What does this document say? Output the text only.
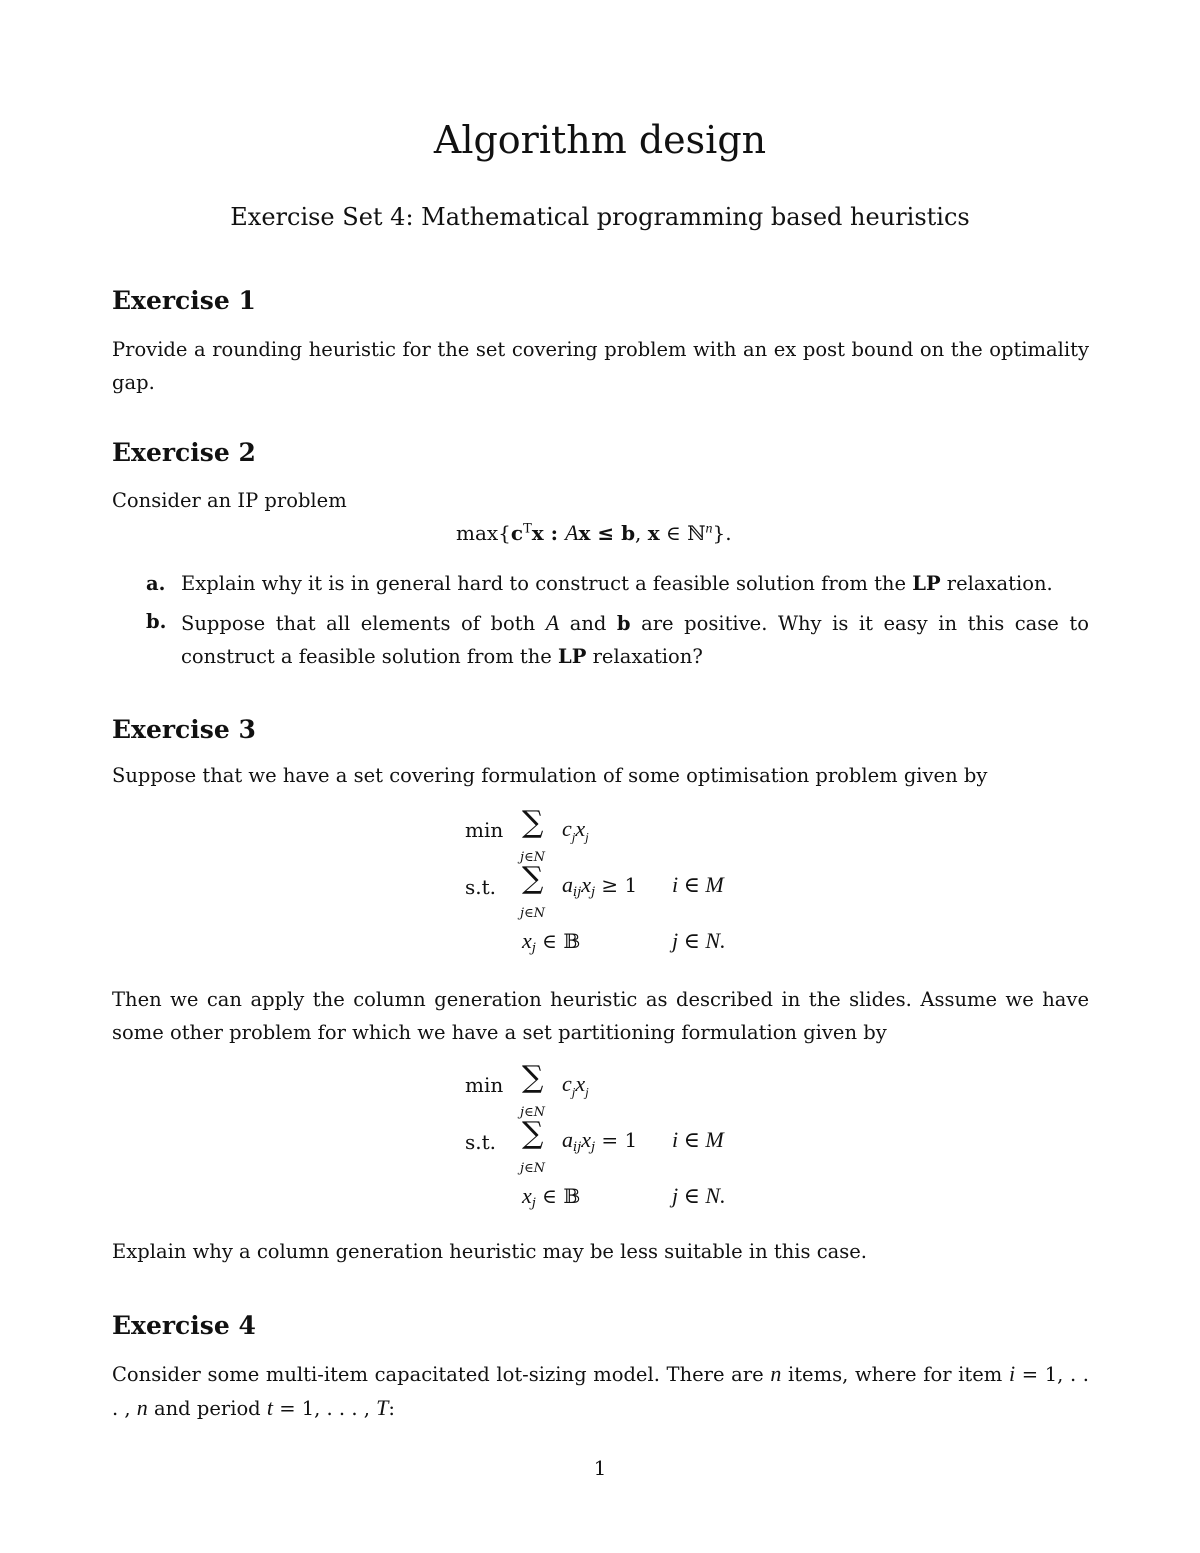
Algorithm design
Exercise Set 4: Mathematical programming based heuristics
Exercise 1
Provide a rounding heuristic for the set covering problem with an ex post bound on the optimality gap.
Exercise 2
Consider an IP problem
$\max\{c^Tx$ : Ax ≤ b, x ∈ ℕ$^n$}.
a. Explain why it is in general hard to construct a feasible solution from the LP relaxation.
b. Suppose that all elements of both A and b are positive. Why is it easy in this case to construct a feasible solution from the LP relaxation?
Exercise 3
Suppose that we have a set covering formulation of some optimisation problem given by
min ∑
j∈N
$c_jx_j$
s.t. ∑
j∈N
$a_{ij}x_j \ge 1$ i ∈ M
$x_j$ ∈ 𝔹	j ∈ N.
Then we can apply the column generation heuristic as described in the slides. Assume we have some other problem for which we have a set partitioning formulation given by
min ∑
j∈N
$c_jx_j$
s.t. ∑
j∈N
$a_{ij}x_j = 1$ i ∈ M
$x_j$ ∈ 𝔹	j ∈ N.
Explain why a column generation heuristic may be less suitable in this case.
Exercise 4
Consider some multi-item capacitated lot-sizing model. There are n items, where for item i = 1, . . . , n and period t = 1, . . . , T:
1
